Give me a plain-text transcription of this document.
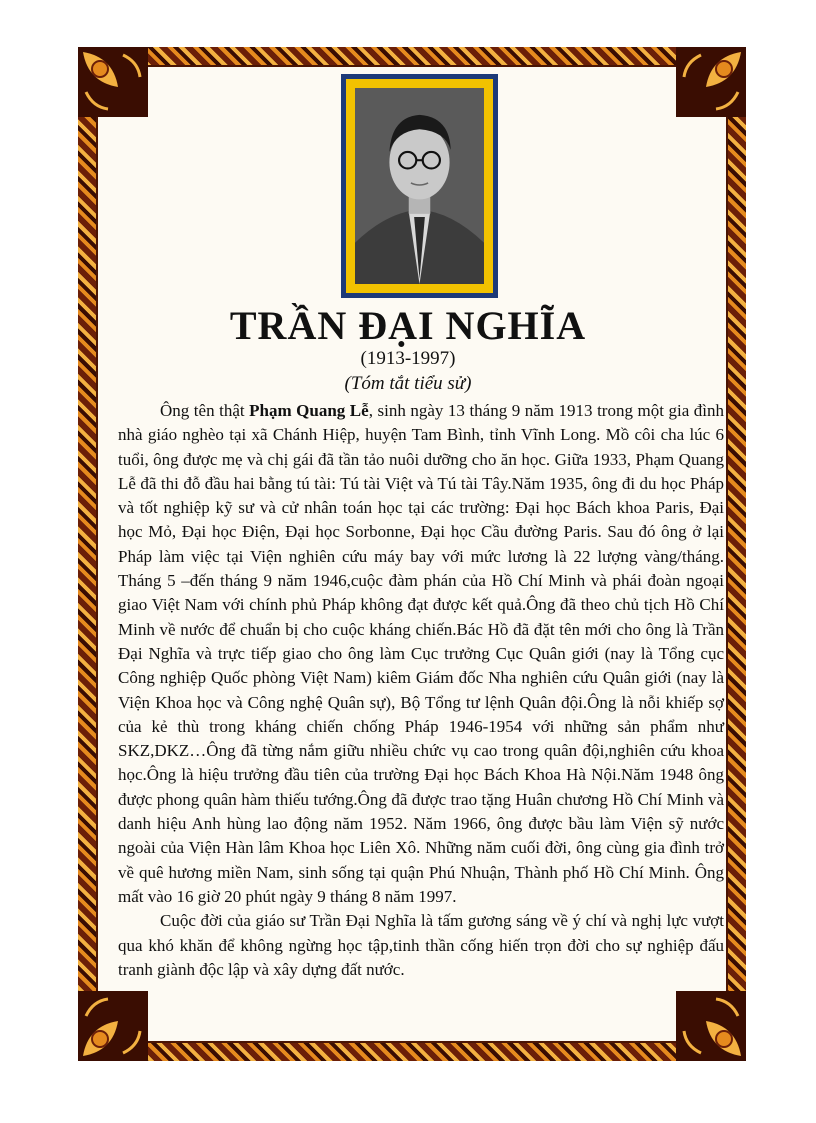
TRẦN ĐẠI NGHĨA
(1913-1997)
(Tóm tắt tiểu sử)

Ông tên thật Phạm Quang Lễ, sinh ngày 13 tháng 9 năm 1913 trong một gia đình nhà giáo nghèo tại xã Chánh Hiệp, huyện Tam Bình, tỉnh Vĩnh Long. Mồ côi cha lúc 6 tuổi, ông được mẹ và chị gái đã tần tảo nuôi dưỡng cho ăn học. Giữa 1933, Phạm Quang Lễ đã thi đỗ đầu hai bằng tú tài: Tú tài Việt và Tú tài Tây.Năm 1935, ông đi du học Pháp và tốt nghiệp kỹ sư và cử nhân toán học tại các trường: Đại học Bách khoa Paris, Đại học Mỏ, Đại học Điện, Đại học Sorbonne, Đại học Cầu đường Paris. Sau đó ông ở lại Pháp làm việc tại Viện nghiên cứu máy bay với mức lương là 22 lượng vàng/tháng. Tháng 5 –đến tháng 9 năm 1946,cuộc đàm phán của Hồ Chí Minh và phái đoàn ngoại giao Việt Nam với chính phủ Pháp không đạt được kết quả.Ông đã theo chủ tịch Hồ Chí Minh về nước để chuẩn bị cho cuộc kháng chiến.Bác Hồ đã đặt tên mới cho ông là Trần Đại Nghĩa và trực tiếp giao cho ông làm Cục trưởng Cục Quân giới (nay là Tổng cục Công nghiệp Quốc phòng Việt Nam) kiêm Giám đốc Nha nghiên cứu Quân giới (nay là Viện Khoa học và Công nghệ Quân sự), Bộ Tổng tư lệnh Quân đội.Ông là nỗi khiếp sợ của kẻ thù trong kháng chiến chống Pháp 1946-1954 với những sản phẩm như SKZ,DKZ…Ông đã từng nắm giữu nhiều chức vụ cao trong quân đội,nghiên cứu khoa học.Ông là hiệu trưởng đầu tiên của trường Đại học Bách Khoa Hà Nội.Năm 1948 ông được phong quân hàm thiếu tướng.Ông đã được trao tặng Huân chương Hồ Chí Minh và danh hiệu Anh hùng lao động năm 1952. Năm 1966, ông được bầu làm Viện sỹ nước ngoài của Viện Hàn lâm Khoa học Liên Xô. Những năm cuối đời, ông cùng gia đình trở về quê hương miền Nam, sinh sống tại quận Phú Nhuận, Thành phố Hồ Chí Minh. Ông mất vào 16 giờ 20 phút ngày 9 tháng 8 năm 1997.

Cuộc đời của giáo sư Trần Đại Nghĩa là tấm gương sáng về ý chí và nghị lực vượt qua khó khăn để không ngừng học tập,tinh thần cống hiến trọn đời cho sự nghiệp đấu tranh giành độc lập và xây dựng đất nước.
